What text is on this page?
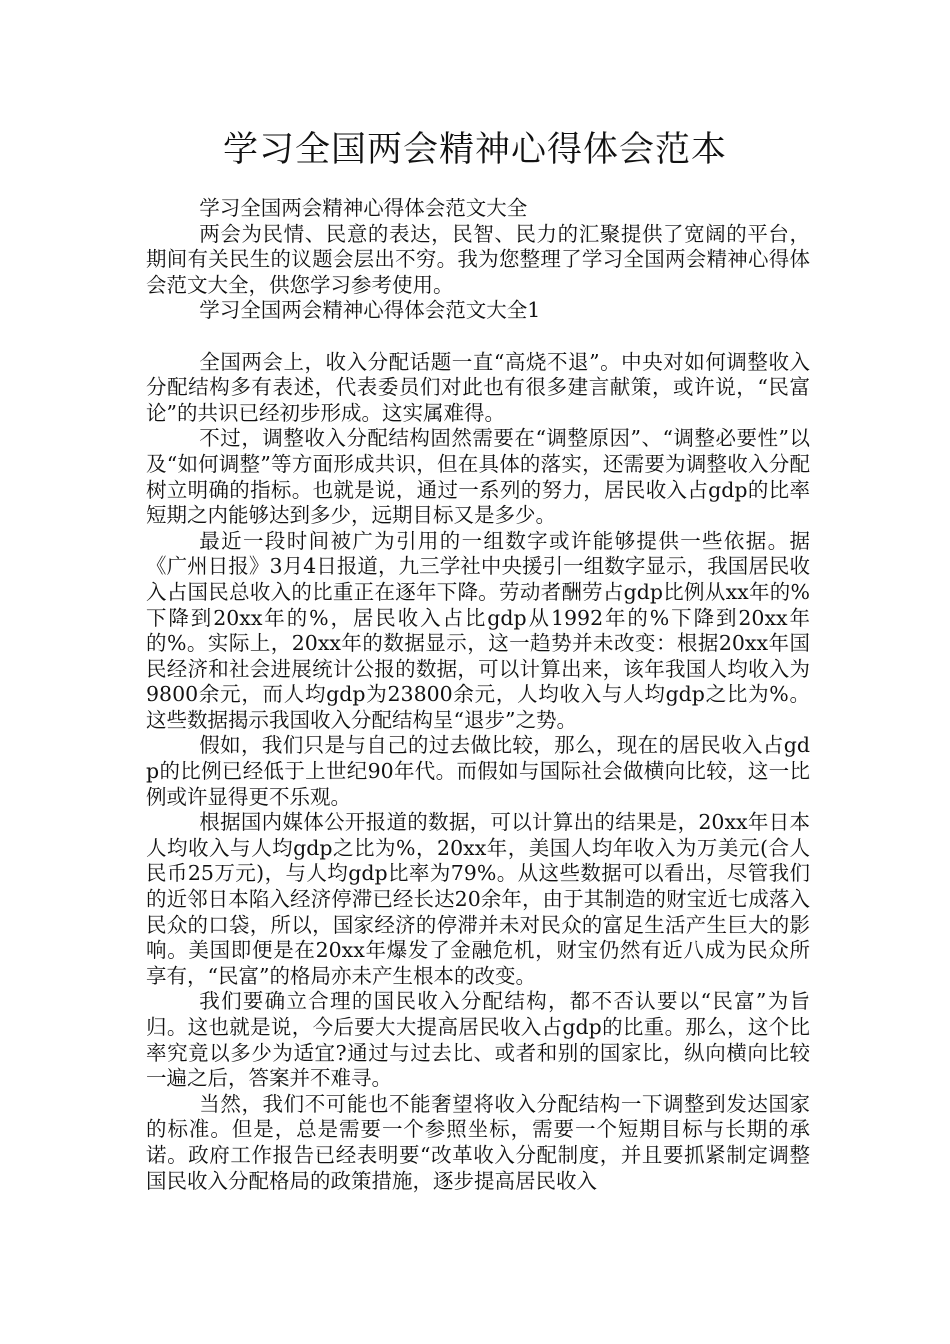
学习全国两会精神心得体会范本

学习全国两会精神心得体会范文大全

两会为民情、民意的表达，民智、民力的汇聚提供了宽阔的平台，期间有关民生的议题会层出不穷。我为您整理了学习全国两会精神心得体会范文大全，供您学习参考使用。

学习全国两会精神心得体会范文大全1

全国两会上，收入分配话题一直“高烧不退”。中央对如何调整收入分配结构多有表述，代表委员们对此也有很多建言献策，或许说，“民富论”的共识已经初步形成。这实属难得。

不过，调整收入分配结构固然需要在“调整原因”、“调整必要性”以及“如何调整”等方面形成共识，但在具体的落实，还需要为调整收入分配树立明确的指标。也就是说，通过一系列的努力，居民收入占gdp的比率短期之内能够达到多少，远期目标又是多少。

最近一段时间被广为引用的一组数字或许能够提供一些依据。据《广州日报》3月4日报道，九三学社中央援引一组数字显示，我国居民收入占国民总收入的比重正在逐年下降。劳动者酬劳占gdp比例从xx年的%下降到20xx年的%，居民收入占比gdp从1992年的%下降到20xx年的%。实际上，20xx年的数据显示，这一趋势并未改变：根据20xx年国民经济和社会进展统计公报的数据，可以计算出来，该年我国人均收入为9800余元，而人均gdp为23800余元，人均收入与人均gdp之比为%。这些数据揭示我国收入分配结构呈“退步”之势。

假如，我们只是与自己的过去做比较，那么，现在的居民收入占gdp的比例已经低于上世纪90年代。而假如与国际社会做横向比较，这一比例或许显得更不乐观。

根据国内媒体公开报道的数据，可以计算出的结果是，20xx年日本人均收入与人均gdp之比为%，20xx年，美国人均年收入为万美元(合人民币25万元)，与人均gdp比率为79%。从这些数据可以看出，尽管我们的近邻日本陷入经济停滞已经长达20余年，由于其制造的财宝近七成落入民众的口袋，所以，国家经济的停滞并未对民众的富足生活产生巨大的影响。美国即便是在20xx年爆发了金融危机，财宝仍然有近八成为民众所享有，“民富”的格局亦未产生根本的改变。

我们要确立合理的国民收入分配结构，都不否认要以“民富”为旨归。这也就是说，今后要大大提高居民收入占gdp的比重。那么，这个比率究竟以多少为适宜?通过与过去比、或者和别的国家比，纵向横向比较一遍之后，答案并不难寻。

当然，我们不可能也不能奢望将收入分配结构一下调整到发达国家的标准。但是，总是需要一个参照坐标，需要一个短期目标与长期的承诺。政府工作报告已经表明要“改革收入分配制度，并且要抓紧制定调整国民收入分配格局的政策措施，逐步提高居民收入
